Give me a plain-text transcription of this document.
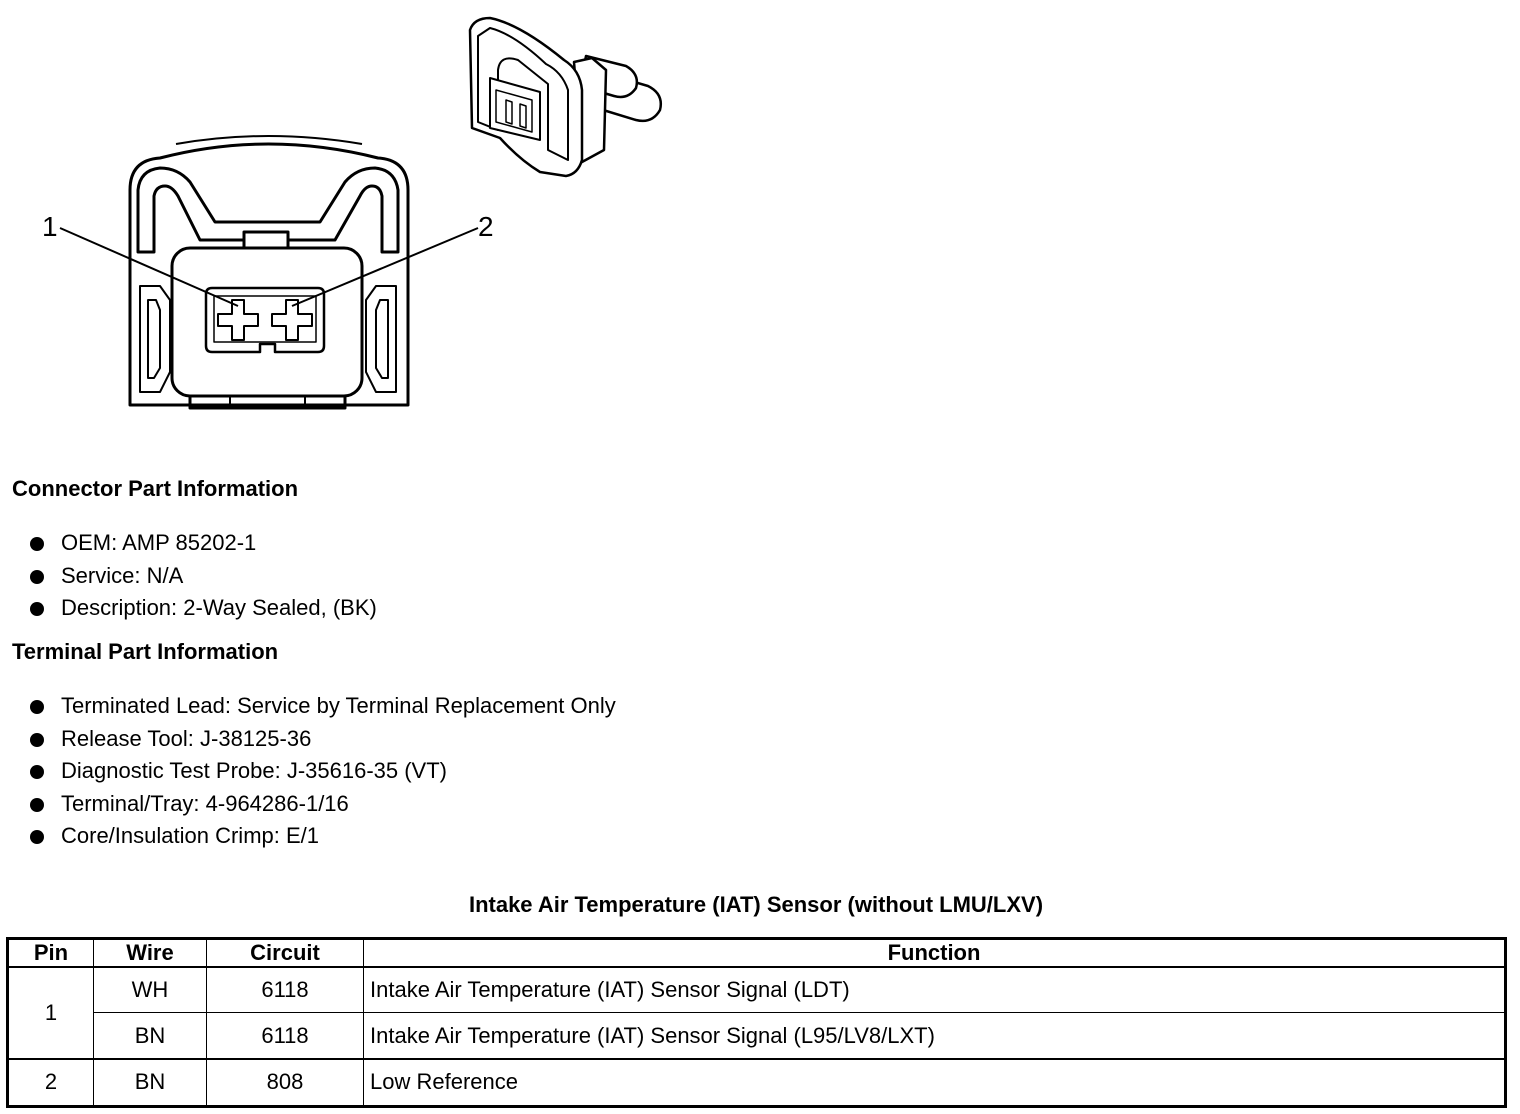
1	2
Connector Part Information
OEM: AMP 85202-1
Service: N/A
Description: 2-Way Sealed, (BK)
Terminal Part Information
Terminated Lead: Service by Terminal Replacement Only
Release Tool: J-38125-36
Diagnostic Test Probe: J-35616-35 (VT)
Terminal/Tray: 4-964286-1/16
Core/Insulation Crimp: E/1
Intake Air Temperature (IAT) Sensor (without LMU/LXV)
Pin	Wire	Circuit	Function
1	WH	6118	Intake Air Temperature (IAT) Sensor Signal (LDT)
	BN	6118	Intake Air Temperature (IAT) Sensor Signal (L95/LV8/LXT)
2	BN	808	Low Reference
